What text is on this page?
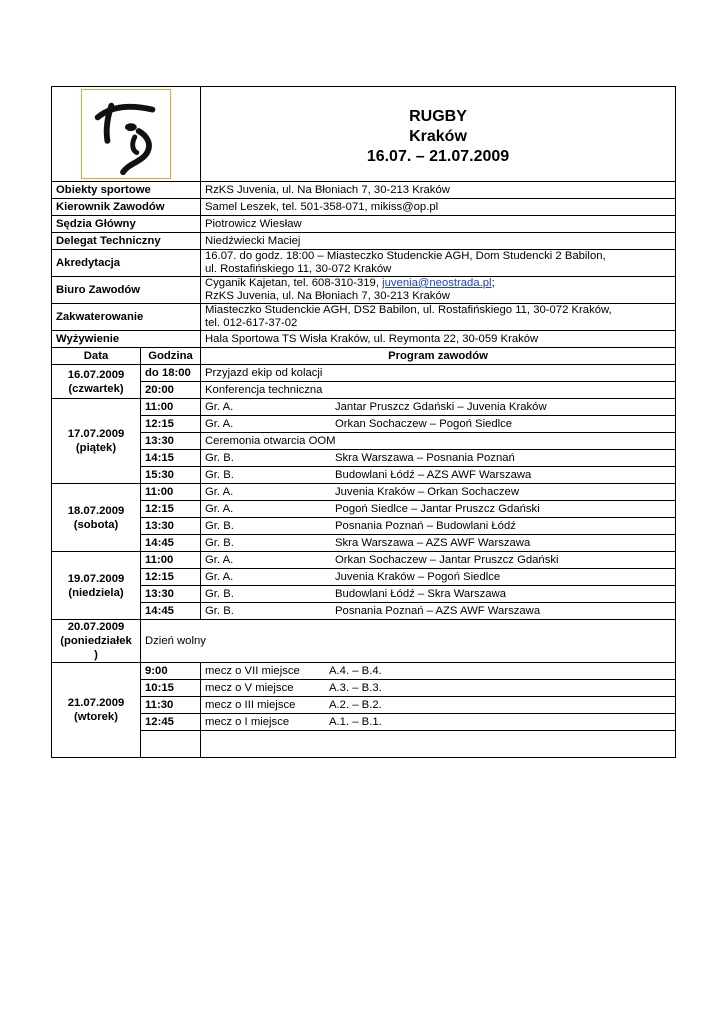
RUGBY
Kraków
16.07. – 21.07.2009

Obiekty sportowe		RzKS Juvenia, ul. Na Błoniach 7, 30-213 Kraków
Kierownik Zawodów		Samel Leszek, tel. 501-358-071, mikiss@op.pl
Sędzia Główny		Piotrowicz Wiesław
Delegat Techniczny		Niedźwiecki Maciej
Akredytacja		16.07. do godz. 18:00 – Miasteczko Studenckie AGH, Dom Studencki 2 Babilon,
ul. Rostafińskiego 11, 30-072 Kraków

Biuro Zawodów		Cyganik Kajetan, tel. 608-310-319, juvenia@neostrada.pl;
RzKS Juvenia, ul. Na Błoniach 7, 30-213 Kraków

Zakwaterowanie		Miasteczko Studenckie AGH, DS2 Babilon, ul. Rostafińskiego 11, 30-072 Kraków,
tel. 012-617-37-02

Wyżywienie		Hala Sportowa TS Wisła Kraków, ul. Reymonta 22, 30-059 Kraków
Data	Godzina	Program zawodów

16.07.2009
(czwartek)	do 18:00	Przyjazd ekip od kolacji
	20:00	Konferencja techniczna

17.07.2009
(piątek)	11:00	Gr. A. Jantar Pruszcz Gdański – Juvenia Kraków
	12:15	Gr. A. Orkan Sochaczew – Pogoń Siedlce
	13:30	Ceremonia otwarcia OOM
	14:15	Gr. B. Skra Warszawa – Posnania Poznań
	15:30	Gr. B. Budowlani Łódź – AZS AWF Warszawa

18.07.2009
(sobota)	11:00	Gr. A. Juvenia Kraków – Orkan Sochaczew
	12:15	Gr. A. Pogoń Siedlce – Jantar Pruszcz Gdański
	13:30	Gr. B. Posnania Poznań – Budowlani Łódź
	14:45	Gr. B. Skra Warszawa – AZS AWF Warszawa

19.07.2009
(niedziela)	11:00	Gr. A. Orkan Sochaczew – Jantar Pruszcz Gdański
	12:15	Gr. A. Juvenia Kraków – Pogoń Siedlce
	13:30	Gr. B. Budowlani Łódź – Skra Warszawa
	14:45	Gr. B. Posnania Poznań – AZS AWF Warszawa

20.07.2009
(poniedziałek
)	Dzień wolny	

21.07.2009
(wtorek)	9:00	mecz o VII miejsce A.4. – B.4.
	10:15	mecz o V miejsce A.3. – B.3.
	11:30	mecz o III miejsce A.2. – B.2.
	12:45	mecz o I miejsce A.1. – B.1.
